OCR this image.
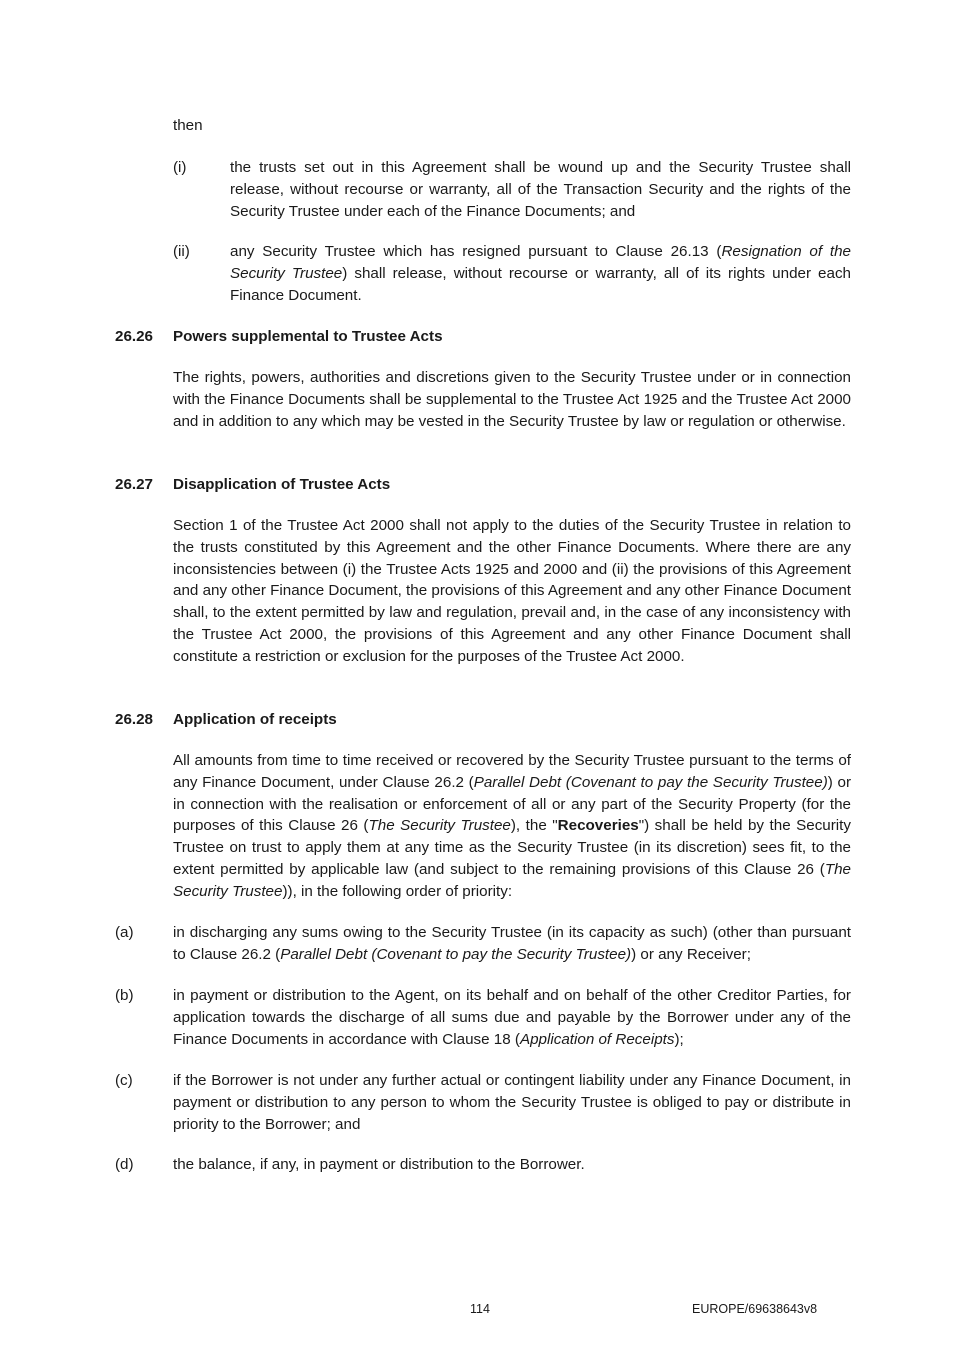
then
(i)	the trusts set out in this Agreement shall be wound up and the Security Trustee shall release, without recourse or warranty, all of the Transaction Security and the rights of the Security Trustee under each of the Finance Documents; and
(ii)	any Security Trustee which has resigned pursuant to Clause 26.13 (Resignation of the Security Trustee) shall release, without recourse or warranty, all of its rights under each Finance Document.
26.26 Powers supplemental to Trustee Acts
The rights, powers, authorities and discretions given to the Security Trustee under or in connection with the Finance Documents shall be supplemental to the Trustee Act 1925 and the Trustee Act 2000 and in addition to any which may be vested in the Security Trustee by law or regulation or otherwise.
26.27 Disapplication of Trustee Acts
Section 1 of the Trustee Act 2000 shall not apply to the duties of the Security Trustee in relation to the trusts constituted by this Agreement and the other Finance Documents. Where there are any inconsistencies between (i) the Trustee Acts 1925 and 2000 and (ii) the provisions of this Agreement and any other Finance Document, the provisions of this Agreement and any other Finance Document shall, to the extent permitted by law and regulation, prevail and, in the case of any inconsistency with the Trustee Act 2000, the provisions of this Agreement and any other Finance Document shall constitute a restriction or exclusion for the purposes of the Trustee Act 2000.
26.28 Application of receipts
All amounts from time to time received or recovered by the Security Trustee pursuant to the terms of any Finance Document, under Clause 26.2 (Parallel Debt (Covenant to pay the Security Trustee)) or in connection with the realisation or enforcement of all or any part of the Security Property (for the purposes of this Clause 26 (The Security Trustee), the "Recoveries") shall be held by the Security Trustee on trust to apply them at any time as the Security Trustee (in its discretion) sees fit, to the extent permitted by applicable law (and subject to the remaining provisions of this Clause 26 (The Security Trustee)), in the following order of priority:
(a)	in discharging any sums owing to the Security Trustee (in its capacity as such) (other than pursuant to Clause 26.2 (Parallel Debt (Covenant to pay the Security Trustee)) or any Receiver;
(b)	in payment or distribution to the Agent, on its behalf and on behalf of the other Creditor Parties, for application towards the discharge of all sums due and payable by the Borrower under any of the Finance Documents in accordance with Clause 18 (Application of Receipts);
(c)	if the Borrower is not under any further actual or contingent liability under any Finance Document, in payment or distribution to any person to whom the Security Trustee is obliged to pay or distribute in priority to the Borrower; and
(d)	the balance, if any, in payment or distribution to the Borrower.
114	EUROPE/69638643v8
